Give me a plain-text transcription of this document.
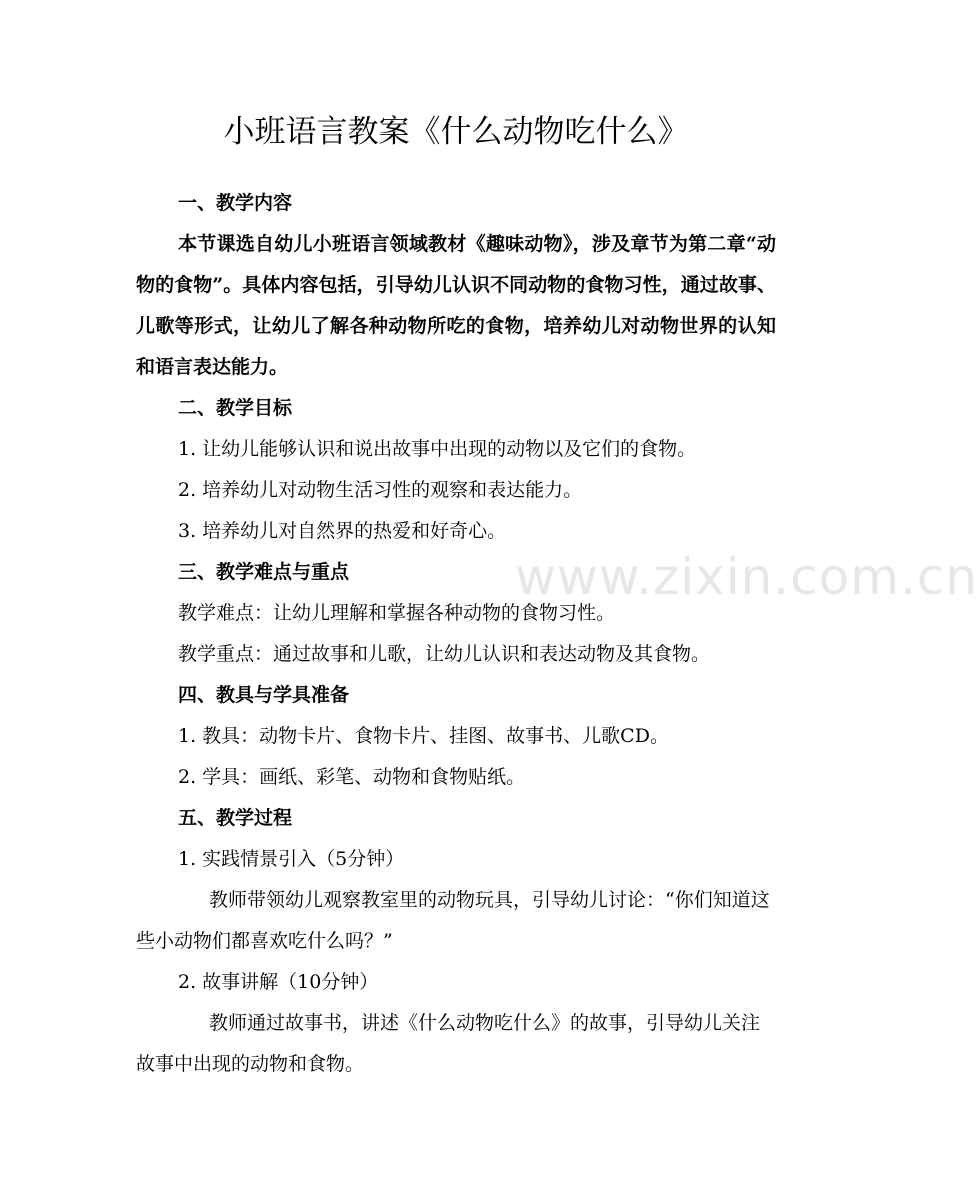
www.zixin.com.cn
小班语言教案《什么动物吃什么》

一、教学内容

本节课选自幼儿小班语言领域教材《趣味动物》，涉及章节为第二章“动物的食物”。具体内容包括，引导幼儿认识不同动物的食物习性，通过故事、儿歌等形式，让幼儿了解各种动物所吃的食物，培养幼儿对动物世界的认知和语言表达能力。

二、教学目标

1. 让幼儿能够认识和说出故事中出现的动物以及它们的食物。

2. 培养幼儿对动物生活习性的观察和表达能力。

3. 培养幼儿对自然界的热爱和好奇心。

三、教学难点与重点

教学难点：让幼儿理解和掌握各种动物的食物习性。

教学重点：通过故事和儿歌，让幼儿认识和表达动物及其食物。

四、教具与学具准备

1. 教具：动物卡片、食物卡片、挂图、故事书、儿歌CD。

2. 学具：画纸、彩笔、动物和食物贴纸。

五、教学过程

1. 实践情景引入（5分钟）

教师带领幼儿观察教室里的动物玩具，引导幼儿讨论：“你们知道这些小动物们都喜欢吃什么吗？”

2. 故事讲解（10分钟）

教师通过故事书，讲述《什么动物吃什么》的故事，引导幼儿关注故事中出现的动物和食物。
